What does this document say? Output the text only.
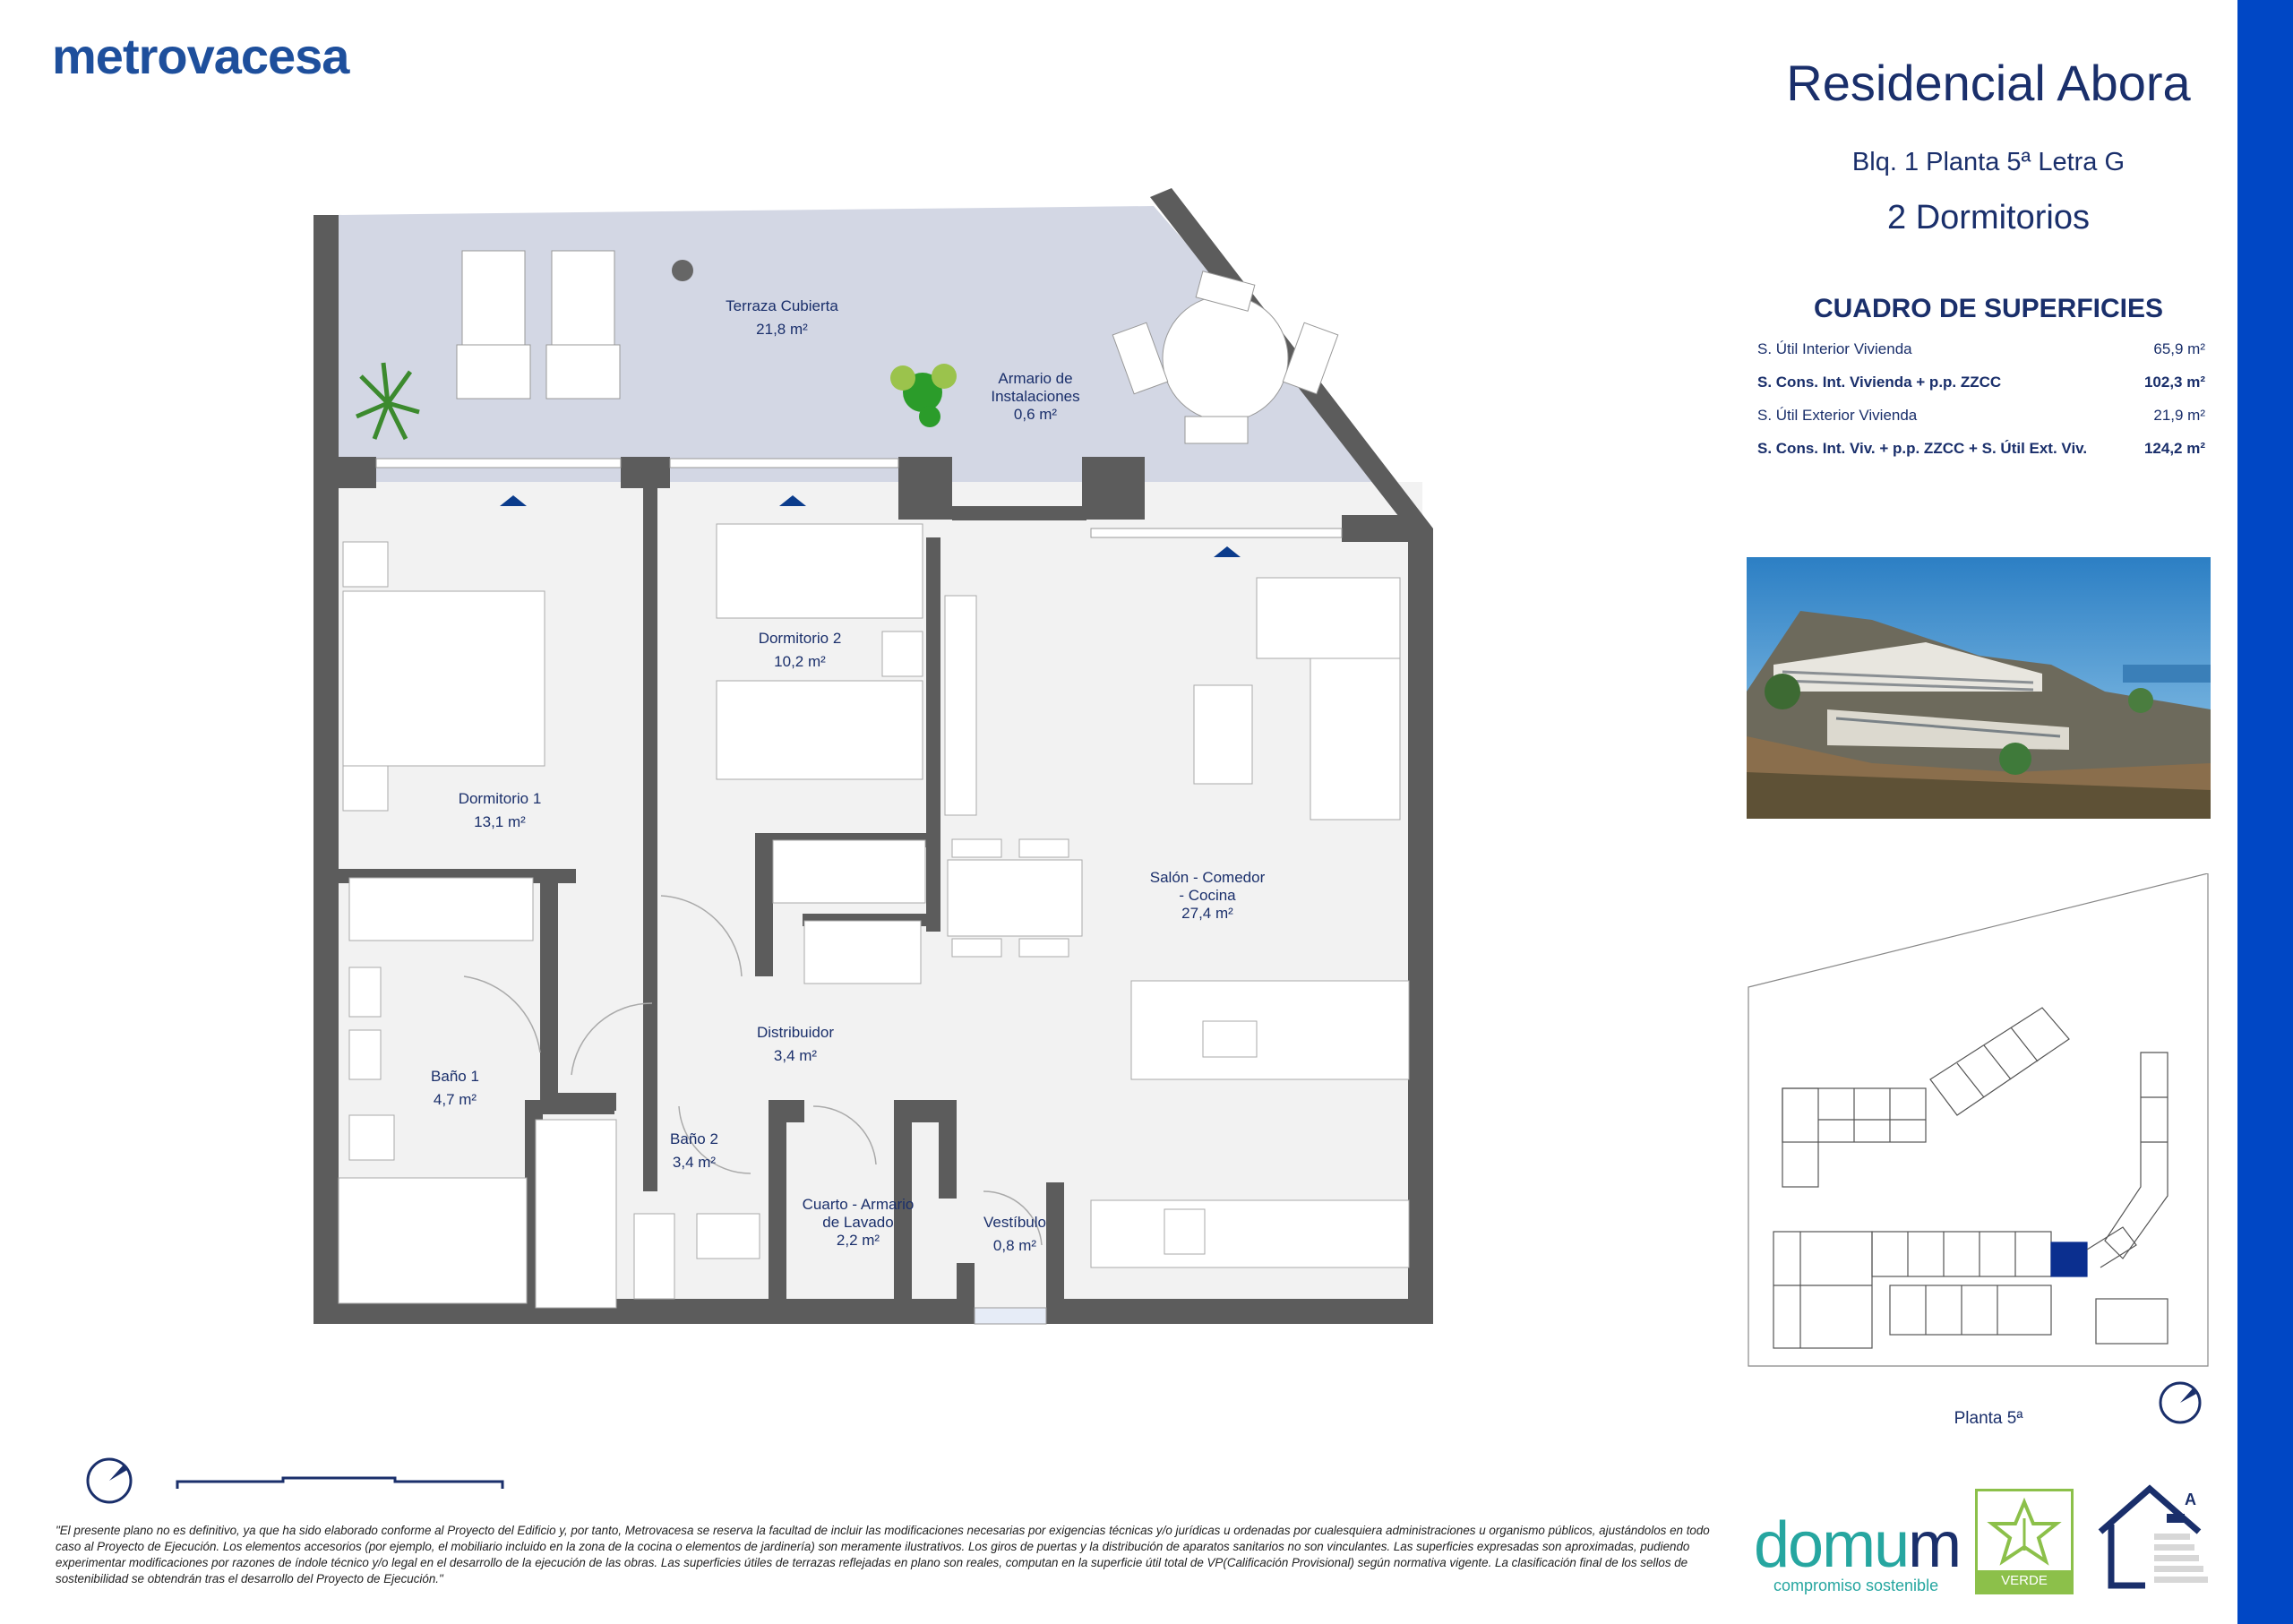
metrovacesa	Residencial Abora
Blq. 1 Planta 5ª Letra G
2 Dormitorios
CUADRO DE SUPERFICIES
S. Útil Interior Vivienda	65,9 m²
S. Cons. Int. Vivienda + p.p. ZZCC	102,3 m²
S. Útil Exterior Vivienda	21,9 m²
S. Cons. Int. Viv. + p.p. ZZCC + S. Útil Ext. Viv.	124,2 m²
Planta 5ª
Terraza Cubierta
21,8 m²
Armario de
Instalaciones
0,6 m²
Dormitorio 2
10,2 m²
Dormitorio 1
13,1 m²
Salón - Comedor
- Cocina
27,4 m²
Distribuidor
3,4 m²
Baño 1
4,7 m²
Baño 2
3,4 m²
Cuarto - Armario
de Lavado
2,2 m²
Vestíbulo
0,8 m²
"El presente plano no es definitivo, ya que ha sido elaborado conforme al Proyecto del Edificio y, por tanto, Metrovacesa se reserva la facultad de incluir las modificaciones necesarias por exigencias técnicas y/o jurídicas u ordenadas por cualesquiera administraciones u organismo públicos, ajustándolos en todo caso al Proyecto de Ejecución. Los elementos accesorios (por ejemplo, el mobiliario incluido en la zona de la cocina o elementos de jardinería) son meramente ilustrativos. Los giros de puertas y la distribución de aparatos sanitarios no son vinculantes. Las superficies expresadas son aproximadas, pudiendo experimentar modificaciones por razones de índole técnico y/o legal en el desarrollo de la ejecución de las obras. Las superficies útiles de terrazas reflejadas en plano son reales, computan en la superficie útil total de VP(Calificación Provisional) según normativa vigente. La clasificación final de los sellos de sostenibilidad se obtendrán tras el desarrollo del Proyecto de Ejecución."	domum
compromiso sostenible	VERDE
A
